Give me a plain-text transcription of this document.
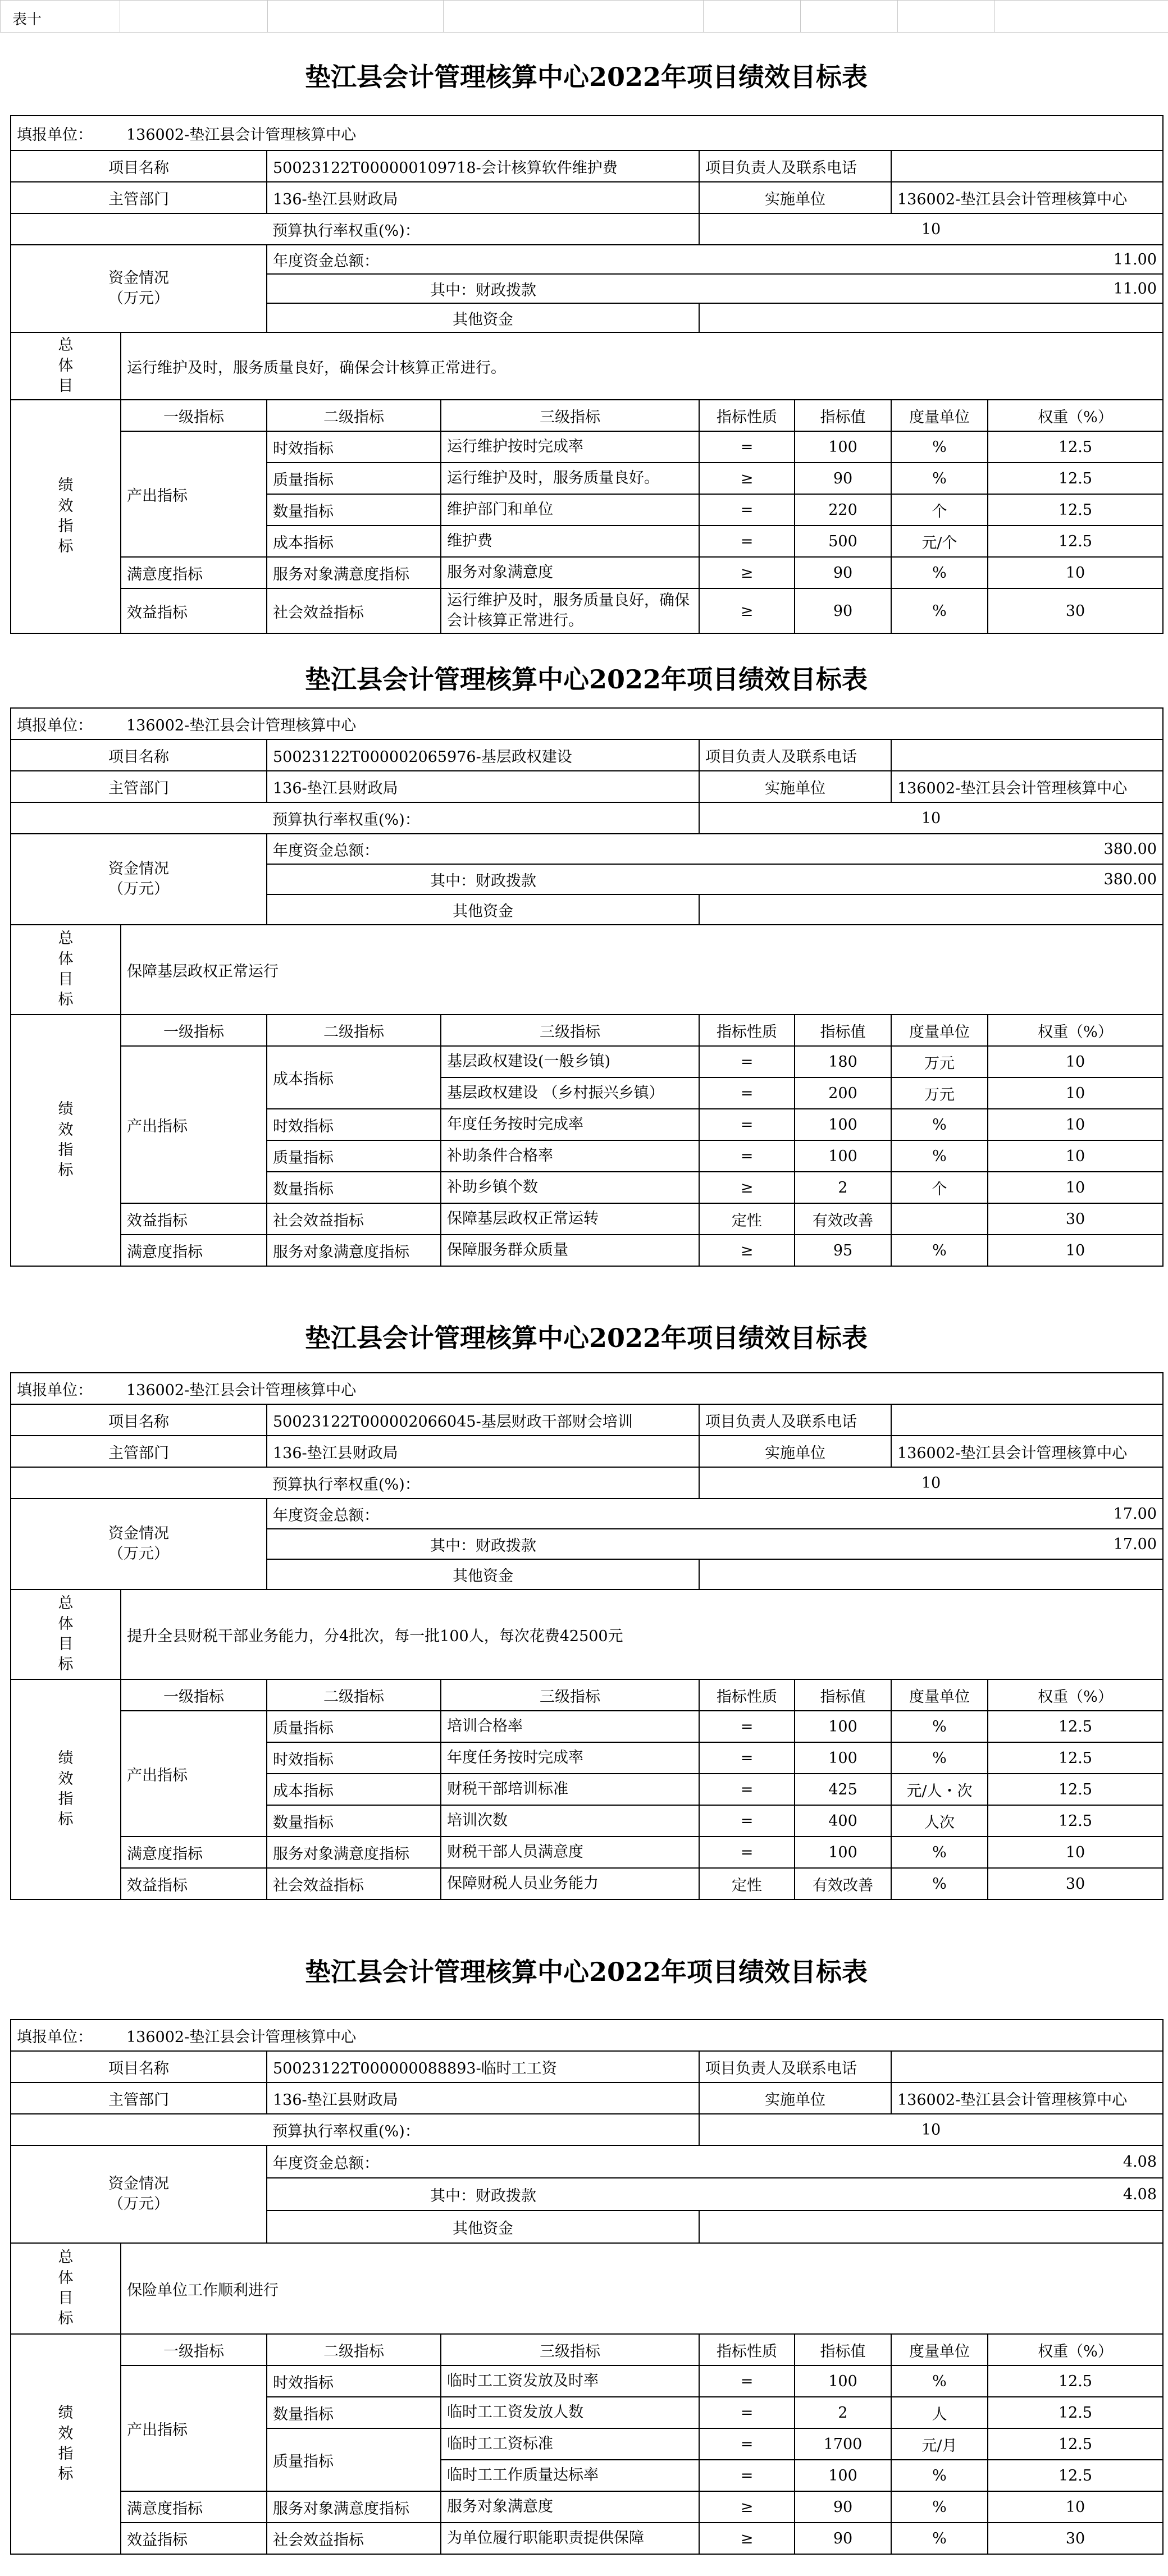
表十
垫江县会计管理核算中心2022年项目绩效目标表
填报单位：	136002-垫江县会计管理核算中心						
项目名称		50023122T000000109718-会计核算软件维护费		项目负责人及联系电话			
主管部门		136-垫江县财政局		实施单位		136002-垫江县会计管理核算中心	
		预算执行率权重(%)：		10			

资金情况
（万元）		年度资金总额：		11.00			
		其中：财政拨款		11.00			
		其他资金					

总
体
目	运行维护及时，服务质量良好，确保会计核算正常进行。						

绩
效
指
标	一级指标	二级指标	三级指标	指标性质	指标值	度量单位	权重（%）
	产出指标	时效指标	运行维护按时完成率	=	100	%	12.5
		质量指标	运行维护及时，服务质量良好。	≥	90	%	12.5
		数量指标	维护部门和单位	=	220	个	12.5
		成本指标	维护费	=	500	元/个	12.5
	满意度指标	服务对象满意度指标	服务对象满意度	≥	90	%	10
	效益指标	社会效益指标	运行维护及时，服务质量良好，确保会计核算正常进行。	≥	90	%	30
垫江县会计管理核算中心2022年项目绩效目标表
填报单位：	136002-垫江县会计管理核算中心						
项目名称		50023122T000002065976-基层政权建设		项目负责人及联系电话			
主管部门		136-垫江县财政局		实施单位		136002-垫江县会计管理核算中心	
		预算执行率权重(%)：		10			

资金情况
（万元）		年度资金总额：		380.00			
		其中：财政拨款		380.00			
		其他资金					

总
体
目
标	保障基层政权正常运行						

绩
效
指
标	一级指标	二级指标	三级指标	指标性质	指标值	度量单位	权重（%）
	产出指标	成本指标	基层政权建设(一般乡镇)	=	180	万元	10
			基层政权建设 （乡村振兴乡镇）	=	200	万元	10
		时效指标	年度任务按时完成率	=	100	%	10
		质量指标	补助条件合格率	=	100	%	10
		数量指标	补助乡镇个数	≥	2	个	10
	效益指标	社会效益指标	保障基层政权正常运转	定性	有效改善		30
	满意度指标	服务对象满意度指标	保障服务群众质量	≥	95	%	10
垫江县会计管理核算中心2022年项目绩效目标表
填报单位：	136002-垫江县会计管理核算中心						
项目名称		50023122T000002066045-基层财政干部财会培训		项目负责人及联系电话			
主管部门		136-垫江县财政局		实施单位		136002-垫江县会计管理核算中心	
		预算执行率权重(%)：		10			

资金情况
（万元）		年度资金总额：		17.00			
		其中：财政拨款		17.00			
		其他资金					

总
体
目
标	提升全县财税干部业务能力，分4批次，每一批100人，每次花费42500元						

绩
效
指
标	一级指标	二级指标	三级指标	指标性质	指标值	度量单位	权重（%）
	产出指标	质量指标	培训合格率	=	100	%	12.5
		时效指标	年度任务按时完成率	=	100	%	12.5
		成本指标	财税干部培训标准	=	425	元/人・次	12.5
		数量指标	培训次数	=	400	人次	12.5
	满意度指标	服务对象满意度指标	财税干部人员满意度	=	100	%	10
	效益指标	社会效益指标	保障财税人员业务能力	定性	有效改善	%	30
垫江县会计管理核算中心2022年项目绩效目标表
填报单位：	136002-垫江县会计管理核算中心						
项目名称		50023122T000000088893-临时工工资		项目负责人及联系电话			
主管部门		136-垫江县财政局		实施单位		136002-垫江县会计管理核算中心	
		预算执行率权重(%)：		10			

资金情况
（万元）		年度资金总额：		4.08			
		其中：财政拨款		4.08			
		其他资金					

总
体
目
标	保险单位工作顺利进行						

绩
效
指
标	一级指标	二级指标	三级指标	指标性质	指标值	度量单位	权重（%）
	产出指标	时效指标	临时工工资发放及时率	=	100	%	12.5
		数量指标	临时工工资发放人数	=	2	人	12.5
		质量指标	临时工工资标准	=	1700	元/月	12.5
			临时工工作质量达标率	=	100	%	12.5
	满意度指标	服务对象满意度指标	服务对象满意度	≥	90	%	10
	效益指标	社会效益指标	为单位履行职能职责提供保障	≥	90	%	30
